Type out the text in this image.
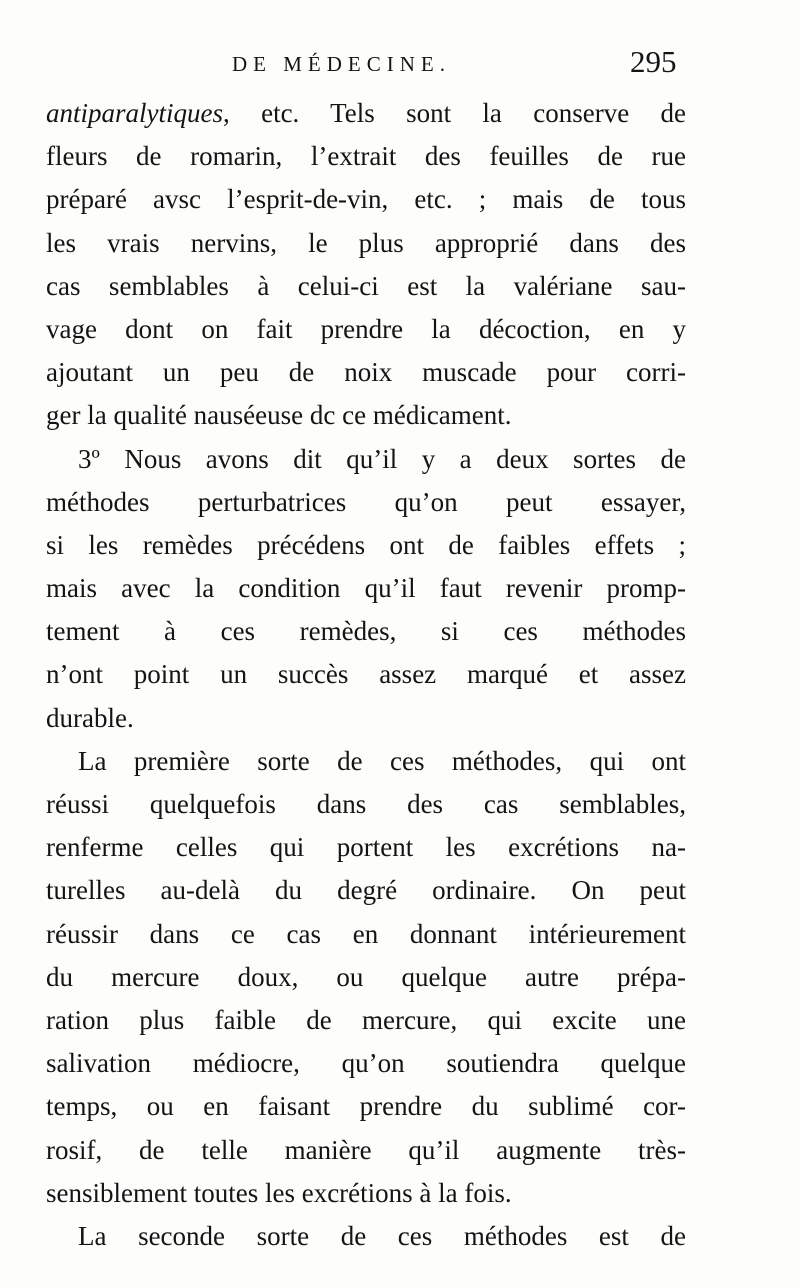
DE MÉDECINE.	295
antiparalytiques, etc. Tels sont la conserve de
fleurs de romarin, l’extrait des feuilles de rue
préparé avsc l’esprit-de-vin, etc. ; mais de tous
les vrais nervins, le plus approprié dans des
cas semblables à celui-ci est la valériane sau-
vage dont on fait prendre la décoction, en y
ajoutant un peu de noix muscade pour corri-
ger la qualité nauséeuse dc ce médicament.
3º Nous avons dit qu’il y a deux sortes de
méthodes perturbatrices qu’on peut essayer,
si les remèdes précédens ont de faibles effets ;
mais avec la condition qu’il faut revenir promp-
tement à ces remèdes, si ces méthodes
n’ont point un succès assez marqué et assez
durable.
La première sorte de ces méthodes, qui ont
réussi quelquefois dans des cas semblables,
renferme celles qui portent les excrétions na-
turelles au-delà du degré ordinaire. On peut
réussir dans ce cas en donnant intérieurement
du mercure doux, ou quelque autre prépa-
ration plus faible de mercure, qui excite une
salivation médiocre, qu’on soutiendra quelque
temps, ou en faisant prendre du sublimé cor-
rosif, de telle manière qu’il augmente très-
sensiblement toutes les excrétions à la fois.
La seconde sorte de ces méthodes est de
